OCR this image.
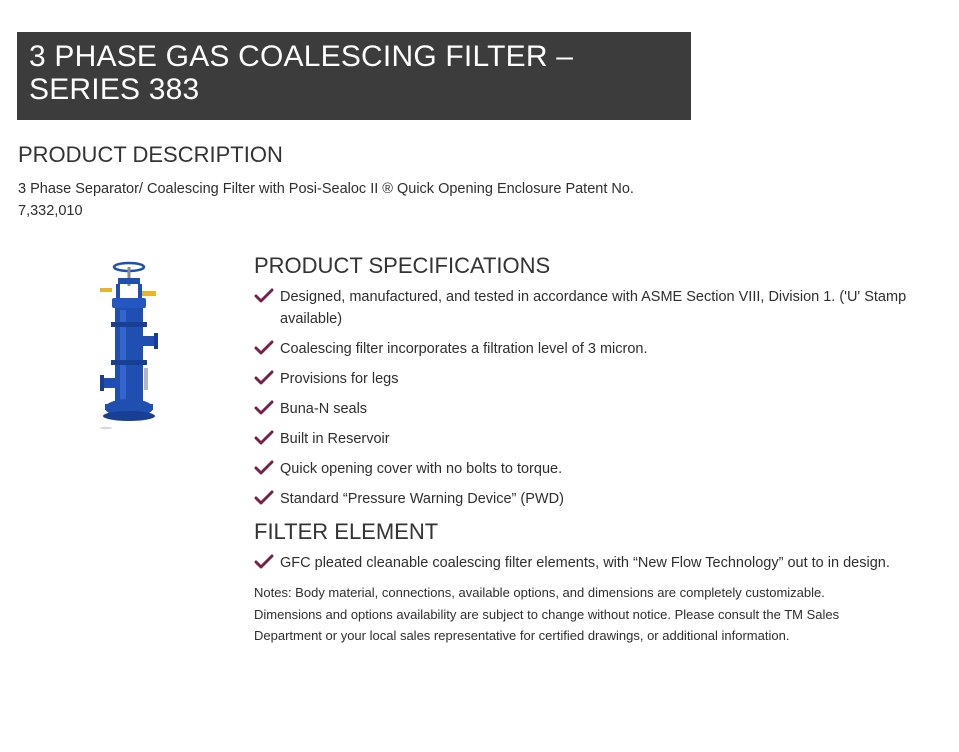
3 PHASE GAS COALESCING FILTER – SERIES 383
PRODUCT DESCRIPTION

3 Phase Separator/ Coalescing Filter with Posi-Sealoc II ® Quick Opening Enclosure Patent No. 7,332,010

PRODUCT SPECIFICATIONS
Designed, manufactured, and tested in accordance with ASME Section VIII, Division 1. ('U' Stamp available)
Coalescing filter incorporates a filtration level of 3 micron.
Provisions for legs
Buna-N seals
Built in Reservoir
Quick opening cover with no bolts to torque.
Standard “Pressure Warning Device” (PWD)
FILTER ELEMENT
GFC pleated cleanable coalescing filter elements, with “New Flow Technology” out to in design.

Notes: Body material, connections, available options, and dimensions are completely customizable. Dimensions and options availability are subject to change without notice. Please consult the TM Sales Department or your local sales representative for certified drawings, or additional information.
